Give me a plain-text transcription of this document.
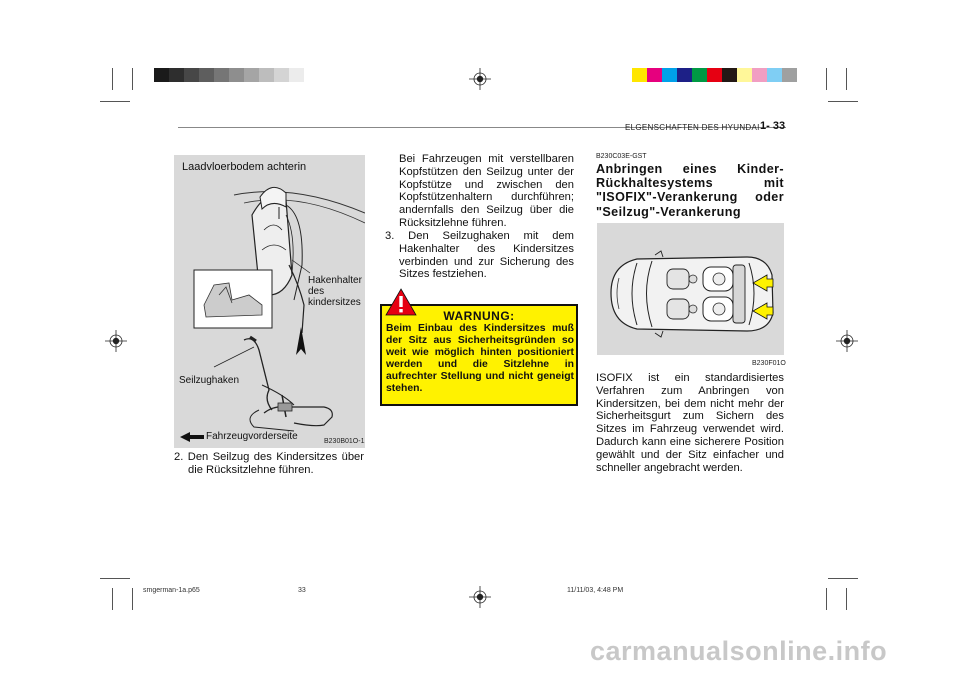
ELGENSCHAFTEN DES HYUNDAI 1- 33
Laadvloerbodem achterin
Hakenhalter
des
kindersitzes
Seilzughaken
Fahrzeugvorderseite	B230B01O-1
2. Den Seilzug des Kindersitzes über die Rücksitzlehne führen.
Bei Fahrzeugen mit verstellbaren Kopfstützen den Seilzug unter der Kopfstütze und zwischen den Kopfstützenhaltern durchführen; andernfalls den Seilzug über die Rücksitzlehne führen.
3. Den Seilzughaken mit dem Hakenhalter des Kindersitzes verbinden und zur Sicherung des Sitzes festziehen.
WARNUNG:
Beim Einbau des Kindersitzes muß der Sitz aus Sicherheitsgründen so weit wie möglich hinten positioniert werden und die Sitzlehne in aufrechter Stellung und nicht geneigt stehen.
B230C03E-GST
Anbringen eines Kinder-Rückhaltesystems mit "ISOFIX"-Verankerung oder "Seilzug"-Verankerung
B230F01O
ISOFIX ist ein standardisiertes Verfahren zum Anbringen von Kindersitzen, bei dem nicht mehr der Sicherheitsgurt zum Sichern des Sitzes im Fahrzeug verwendet wird. Dadurch kann eine sicherere Position gewählt und der Sitz einfacher und schneller angebracht werden.
smgerman-1a.p65	33	11/11/03, 4:48 PM
carmanualsonline.info
